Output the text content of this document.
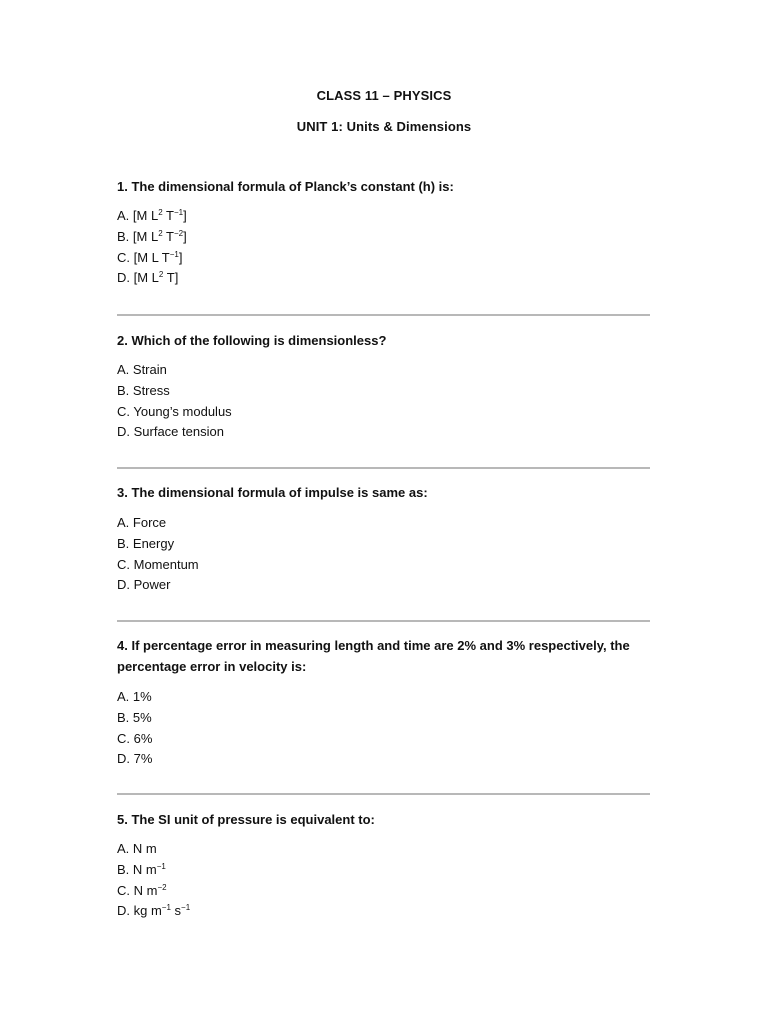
CLASS 11 – PHYSICS
UNIT 1: Units & Dimensions
1. The dimensional formula of Planck’s constant (h) is:
A. [M $L^2$ $T^{-1}$]
B. [M $L^2$ $T^{-2}$]
C. [M L $T^{-1}$]
D. [M $L^2$ T]
2. Which of the following is dimensionless?
A. Strain
B. Stress
C. Young’s modulus
D. Surface tension
3. The dimensional formula of impulse is same as:
A. Force
B. Energy
C. Momentum
D. Power
4. If percentage error in measuring length and time are 2% and 3% respectively, the percentage error in velocity is:
A. 1%
B. 5%
C. 6%
D. 7%
5. The SI unit of pressure is equivalent to:
A. N m
B. N $m^{-1}$
C. N $m^{-2}$
D. kg $m^{-1}$ $s^{-1}$
